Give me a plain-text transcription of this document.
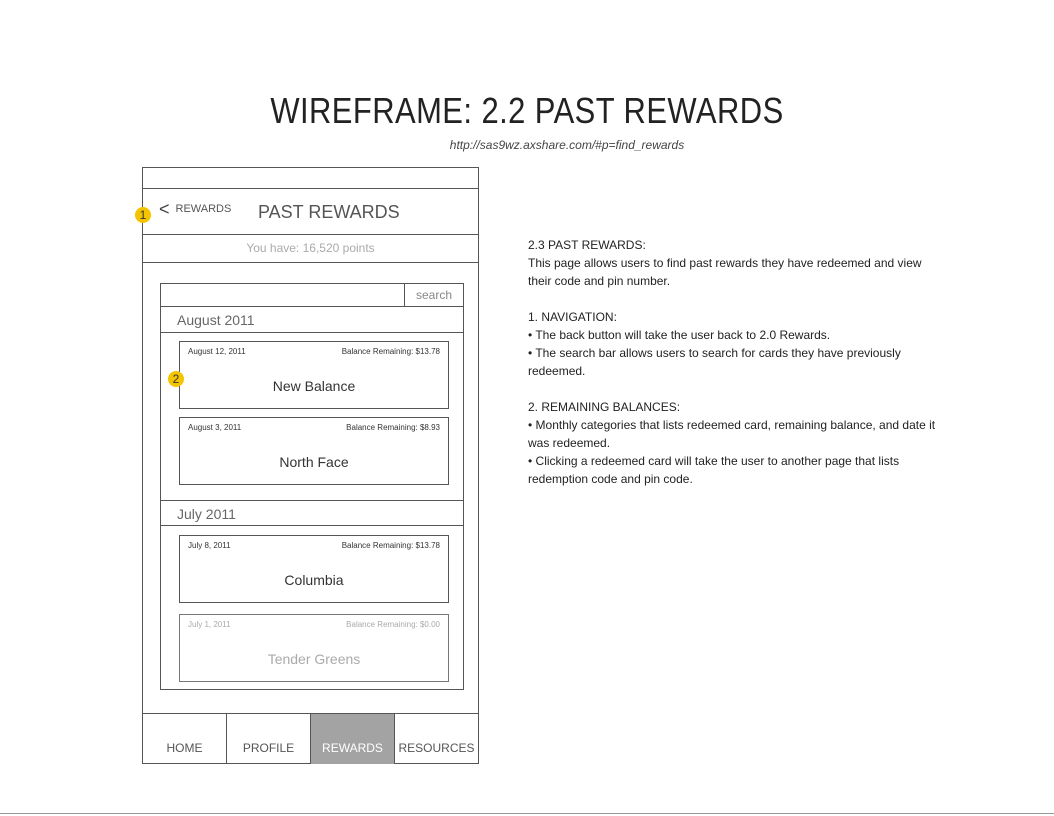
WIREFRAME: 2.2 PAST REWARDS
http://sas9wz.axshare.com/#p=find_rewards
< REWARDS PAST REWARDS
You have: 16,520 points
search
August 2011
August 12, 2011	Balance Remaining: $13.78
New Balance
August 3, 2011	Balance Remaining: $8.93
North Face
July 2011
July 8, 2011	Balance Remaining: $13.78
Columbia
July 1, 2011	Balance Remaining: $0.00
Tender Greens
HOME	PROFILE	REWARDS	RESOURCES
1
2

2.3 PAST REWARDS:

This page allows users to find past rewards they have redeemed and view

their code and pin number.

1. NAVIGATION:

• The back button will take the user back to 2.0 Rewards.

• The search bar allows users to search for cards they have previously

redeemed.

2. REMAINING BALANCES:

• Monthly categories that lists redeemed card, remaining balance, and date it

was redeemed.

• Clicking a redeemed card will take the user to another page that lists

redemption code and pin code.
